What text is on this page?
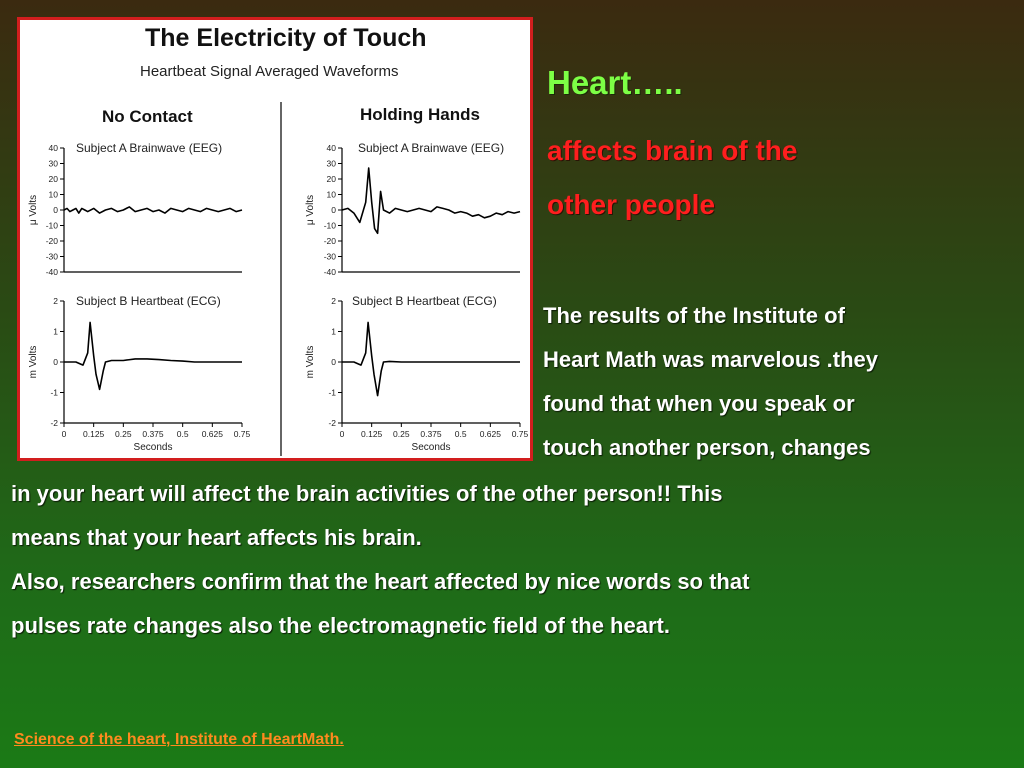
The Electricity of Touch
Heartbeat Signal Averaged Waveforms
No Contact	Holding Hands
40
30
20
10
0
-10
-20
-30
-40
Subject A Brainwave (EEG)
μ Volts
40
30
20
10
0
-10
-20
-30
-40
Subject A Brainwave (EEG)
μ Volts
2
1
0
-1
-2
Subject B Heartbeat (ECG)
m Volts
0 0.125 0.25 0.375 0.5 0.625 0.75
Seconds
2
1
0
-1
-2
Subject B Heartbeat (ECG)
m Volts
0 0.125 0.25 0.375 0.5 0.625 0.75
Seconds
Heart…..
affects brain of the
other people
The results of the Institute of
Heart Math was marvelous .they
found that when you speak or
touch another person, changes
in your heart will affect the brain activities of the other person!! This
means that your heart affects his brain.
Also, researchers confirm that the heart affected by nice words so that
pulses rate changes also the electromagnetic field of the heart.
Science of the heart, Institute of HeartMath.
